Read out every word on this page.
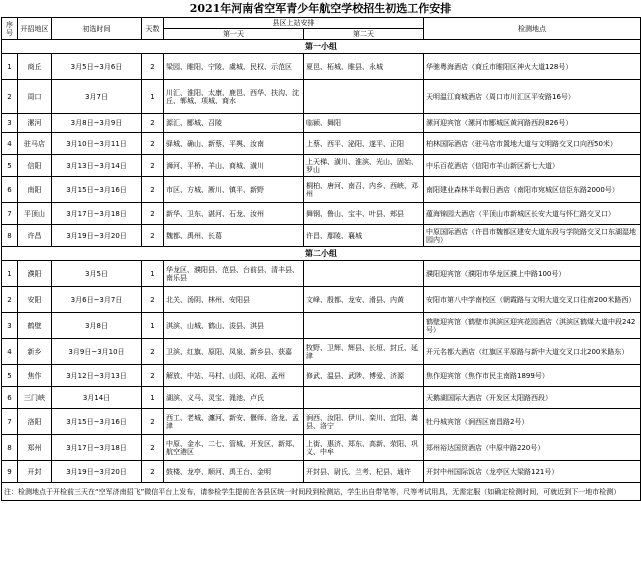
2021年河南省空军青少年航空学校招生初选工作安排
序号	开招地区	初选时间	天数	县区上站安排		检测地点
				第一天	第二天	
第一小组						
1	商丘	3月5日~3月6日	2	梁园、睢阳、宁陵、虞城、民权、示范区	夏邑、柘城、睢县、永城	华驰粤海酒店（商丘市睢阳区神火大道128号）
2	周口	3月7日	1	川汇、淮阳、太康、鹿邑、西华、扶沟、沈丘、郸城、项城、商水		天明温江商城酒店（周口市川汇区平安路16号）
3	漯河	3月8日~3月9日	2	源汇、郾城、召陵	临颍、舞阳	漯河迎宾馆（漯河市郾城区黄河路西段826号）
4	驻马店	3月10日~3月11日	2	驿城、确山、新蔡、平舆、汝南	上蔡、西平、泌阳、遂平、正阳	柏林国际酒店（驻马店市置地大道与文明路交叉口向西50米）
5	信阳	3月13日~3月14日	2	浉河、平桥、羊山、商城、潢川	上天梯、潢川、淮滨、光山、固始、罗山	中乐百花酒店（信阳市羊山新区新七大道）
6	南阳	3月15日~3月16日	2	市区、方城、淅川、镇平、新野	桐柏、唐河、南召、内乡、西峡、邓州	南阳建业森林半岛假日酒店（南阳市宛城区信臣东路2000号）
7	平顶山	3月17日~3月18日	2	新华、卫东、湛河、石龙、汝州	舞钢、鲁山、宝丰、叶县、郏县	蕴海锦园大酒店（平顶山市新城区长安大道与怀仁路交叉口）
8	许昌	3月19日~3月20日	2	魏都、禹州、长葛	许昌、鄢陵、襄城	中原国际酒店（许昌市魏都区建安大道东段与学院路交叉口东湖湿地园内）
第二小组						
1	濮阳	3月5日	1	华龙区、濮阳县、范县、台前县、清丰县、南乐县		濮阳迎宾馆（濮阳市华龙区濮上中路100号）
2	安阳	3月6日~3月7日	2	北关、汤阴、林州、安阳县	文峰、殷都、龙安、滑县、内黄	安阳市第八中学南校区（朝霞路与文明大道交叉口往南200米路西）
3	鹤壁	3月8日	1	淇滨、山城、鹤山、浚县、淇县		鹤壁迎宾馆（鹤壁市淇滨区迎宾花园酒店（淇滨区鹤煤大道中段242号）
4	新乡	3月9日~3月10日	2	卫滨、红旗、原阳、凤泉、新乡县、获嘉	牧野、卫辉、辉县、长垣、封丘、延津	开元名都大酒店（红旗区平原路与新中大道交叉口北200米路东）
5	焦作	3月12日~3月13日	2	解放、中站、马村、山阳、沁阳、孟州	修武、温县、武陟、博爱、济源	焦作迎宾馆（焦作市民主南路1899号）
6	三门峡	3月14日	1	湖滨、义马、灵宝、渑池、卢氏		天鹅湖国际大酒店（开发区太阳路西段）
7	洛阳	3月15日~3月16日	2	西工、老城、瀍河、新安、偃师、洛龙、孟津	涧西、汝阳、伊川、栾川、宜阳、嵩县、洛宁	牡丹城宾馆（涧西区南昌路2号）
8	郑州	3月17日~3月18日	2	中原、金水、二七、管城、开发区、新郑、航空港区	上街、惠济、郑东、高新、荥阳、巩义、中牟	郑州裕达国贸酒店（中原中路220号）
9	开封	3月19日~3月20日	2	鼓楼、龙亭、顺河、禹王台、金明	开封县、尉氏、兰考、杞县、通许	开封中州国际饭店（龙亭区大梁路121号）
注：检测地点于开检前三天在“空军济南招飞”微信平台上发布，请参检学生提前在各县区统一时间段到检测站，学生出自带笔等，尺等考试用具，无需定服（如确定检测时间，可就近到下一地市检测）						
